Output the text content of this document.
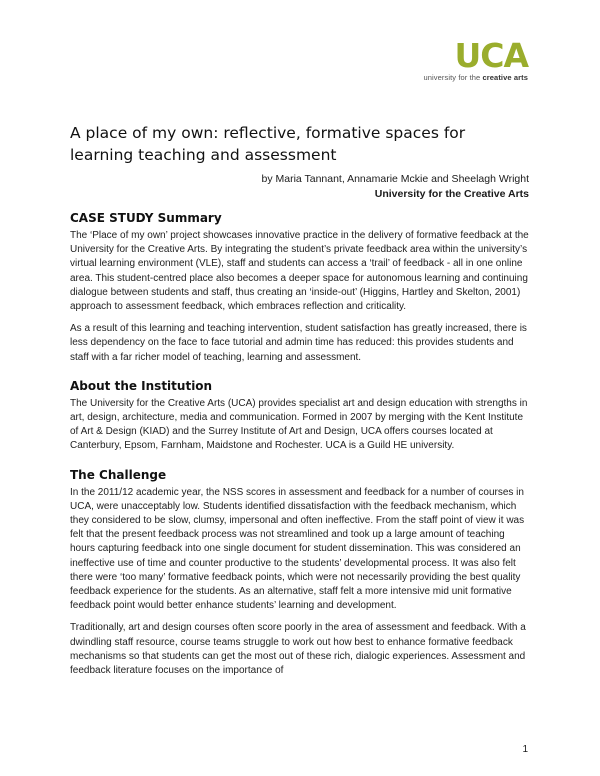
UCA
university for the creative arts
A place of my own: reflective, formative spaces for learning teaching and assessment
by Maria Tannant, Annamarie Mckie and Sheelagh Wright
University for the Creative Arts
CASE STUDY Summary

The ‘Place of my own’ project showcases innovative practice in the delivery of formative feedback at the University for the Creative Arts. By integrating the student’s private feedback area within the university’s virtual learning environment (VLE), staff and students can access a ‘trail’ of feedback - all in one online area. This student-centred place also becomes a deeper space for autonomous learning and continuing dialogue between students and staff, thus creating an ‘inside-out’ (Higgins, Hartley and Skelton, 2001) approach to assessment feedback, which embraces reflection and criticality.

As a result of this learning and teaching intervention, student satisfaction has greatly increased, there is less dependency on the face to face tutorial and admin time has reduced: this provides students and staff with a far richer model of teaching, learning and assessment.

About the Institution

The University for the Creative Arts (UCA) provides specialist art and design education with strengths in art, design, architecture, media and communication. Formed in 2007 by merging with the Kent Institute of Art & Design (KIAD) and the Surrey Institute of Art and Design, UCA offers courses located at Canterbury, Epsom, Farnham, Maidstone and Rochester. UCA is a Guild HE university.

The Challenge

In the 2011/12 academic year, the NSS scores in assessment and feedback for a number of courses in UCA, were unacceptably low. Students identified dissatisfaction with the feedback mechanism, which they considered to be slow, clumsy, impersonal and often ineffective. From the staff point of view it was felt that the present feedback process was not streamlined and took up a large amount of teaching hours capturing feedback into one single document for student dissemination. This was considered an ineffective use of time and counter productive to the students’ developmental process. It was also felt there were ‘too many’ formative feedback points, which were not necessarily providing the best quality feedback experience for the students. As an alternative, staff felt a more intensive mid unit formative feedback point would better enhance students’ learning and development.

Traditionally, art and design courses often score poorly in the area of assessment and feedback. With a dwindling staff resource, course teams struggle to work out how best to enhance formative feedback mechanisms so that students can get the most out of these rich, dialogic experiences. Assessment and feedback literature focuses on the importance of

1
